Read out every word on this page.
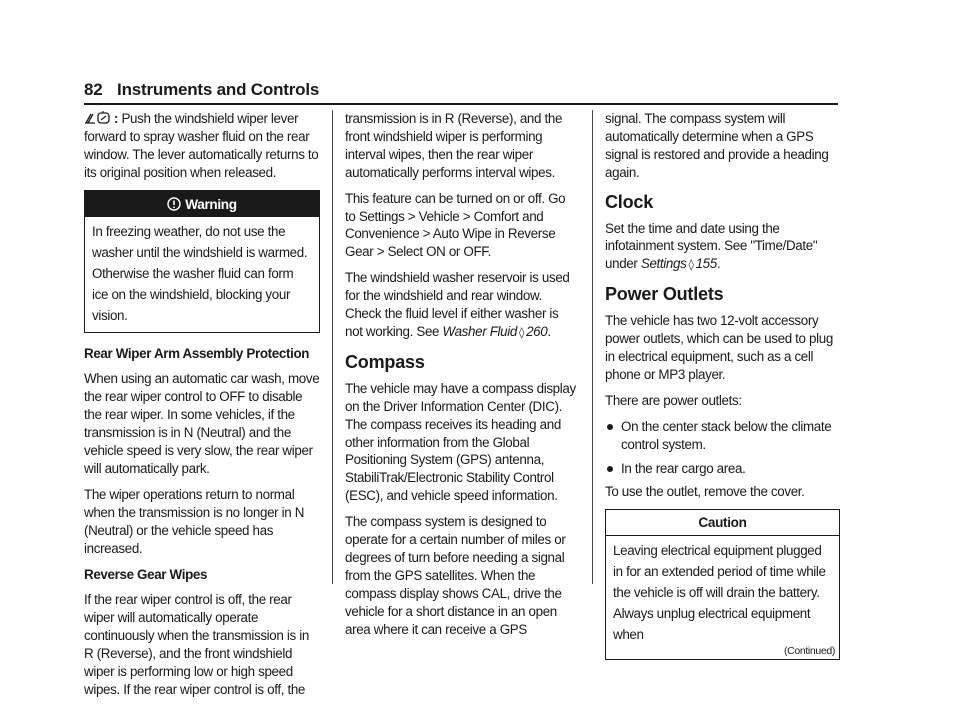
82 Instruments and Controls

: Push the windshield wiper lever forward to spray washer fluid on the rear window. The lever automatically returns to its original position when released.

Warning
In freezing weather, do not use the washer until the windshield is warmed. Otherwise the washer fluid can form ice on the windshield, blocking your vision.
Rear Wiper Arm Assembly Protection

When using an automatic car wash, move the rear wiper control to OFF to disable the rear wiper. In some vehicles, if the transmission is in N (Neutral) and the vehicle speed is very slow, the rear wiper will automatically park.

The wiper operations return to normal when the transmission is no longer in N (Neutral) or the vehicle speed has increased.

Reverse Gear Wipes

If the rear wiper control is off, the rear wiper will automatically operate continuously when the transmission is in R (Reverse), and the front windshield wiper is performing low or high speed wipes. If the rear wiper control is off, the

transmission is in R (Reverse), and the front windshield wiper is performing interval wipes, then the rear wiper automatically performs interval wipes.

This feature can be turned on or off. Go to Settings > Vehicle > Comfort and Convenience > Auto Wipe in Reverse Gear > Select ON or OFF.

The windshield washer reservoir is used for the windshield and rear window. Check the fluid level if either washer is not working. See Washer Fluid ◊ 260.

Compass

The vehicle may have a compass display on the Driver Information Center (DIC). The compass receives its heading and other information from the Global Positioning System (GPS) antenna, StabiliTrak/Electronic Stability Control (ESC), and vehicle speed information.

The compass system is designed to operate for a certain number of miles or degrees of turn before needing a signal from the GPS satellites. When the compass display shows CAL, drive the vehicle for a short distance in an open area where it can receive a GPS

signal. The compass system will automatically determine when a GPS signal is restored and provide a heading again.

Clock

Set the time and date using the infotainment system. See "Time/Date" under Settings ◊ 155.

Power Outlets

The vehicle has two 12-volt accessory power outlets, which can be used to plug in electrical equipment, such as a cell phone or MP3 player.

There are power outlets:

On the center stack below the climate control system.
In the rear cargo area.

To use the outlet, remove the cover.

Caution
Leaving electrical equipment plugged in for an extended period of time while the vehicle is off will drain the battery. Always unplug electrical equipment when
(Continued)
